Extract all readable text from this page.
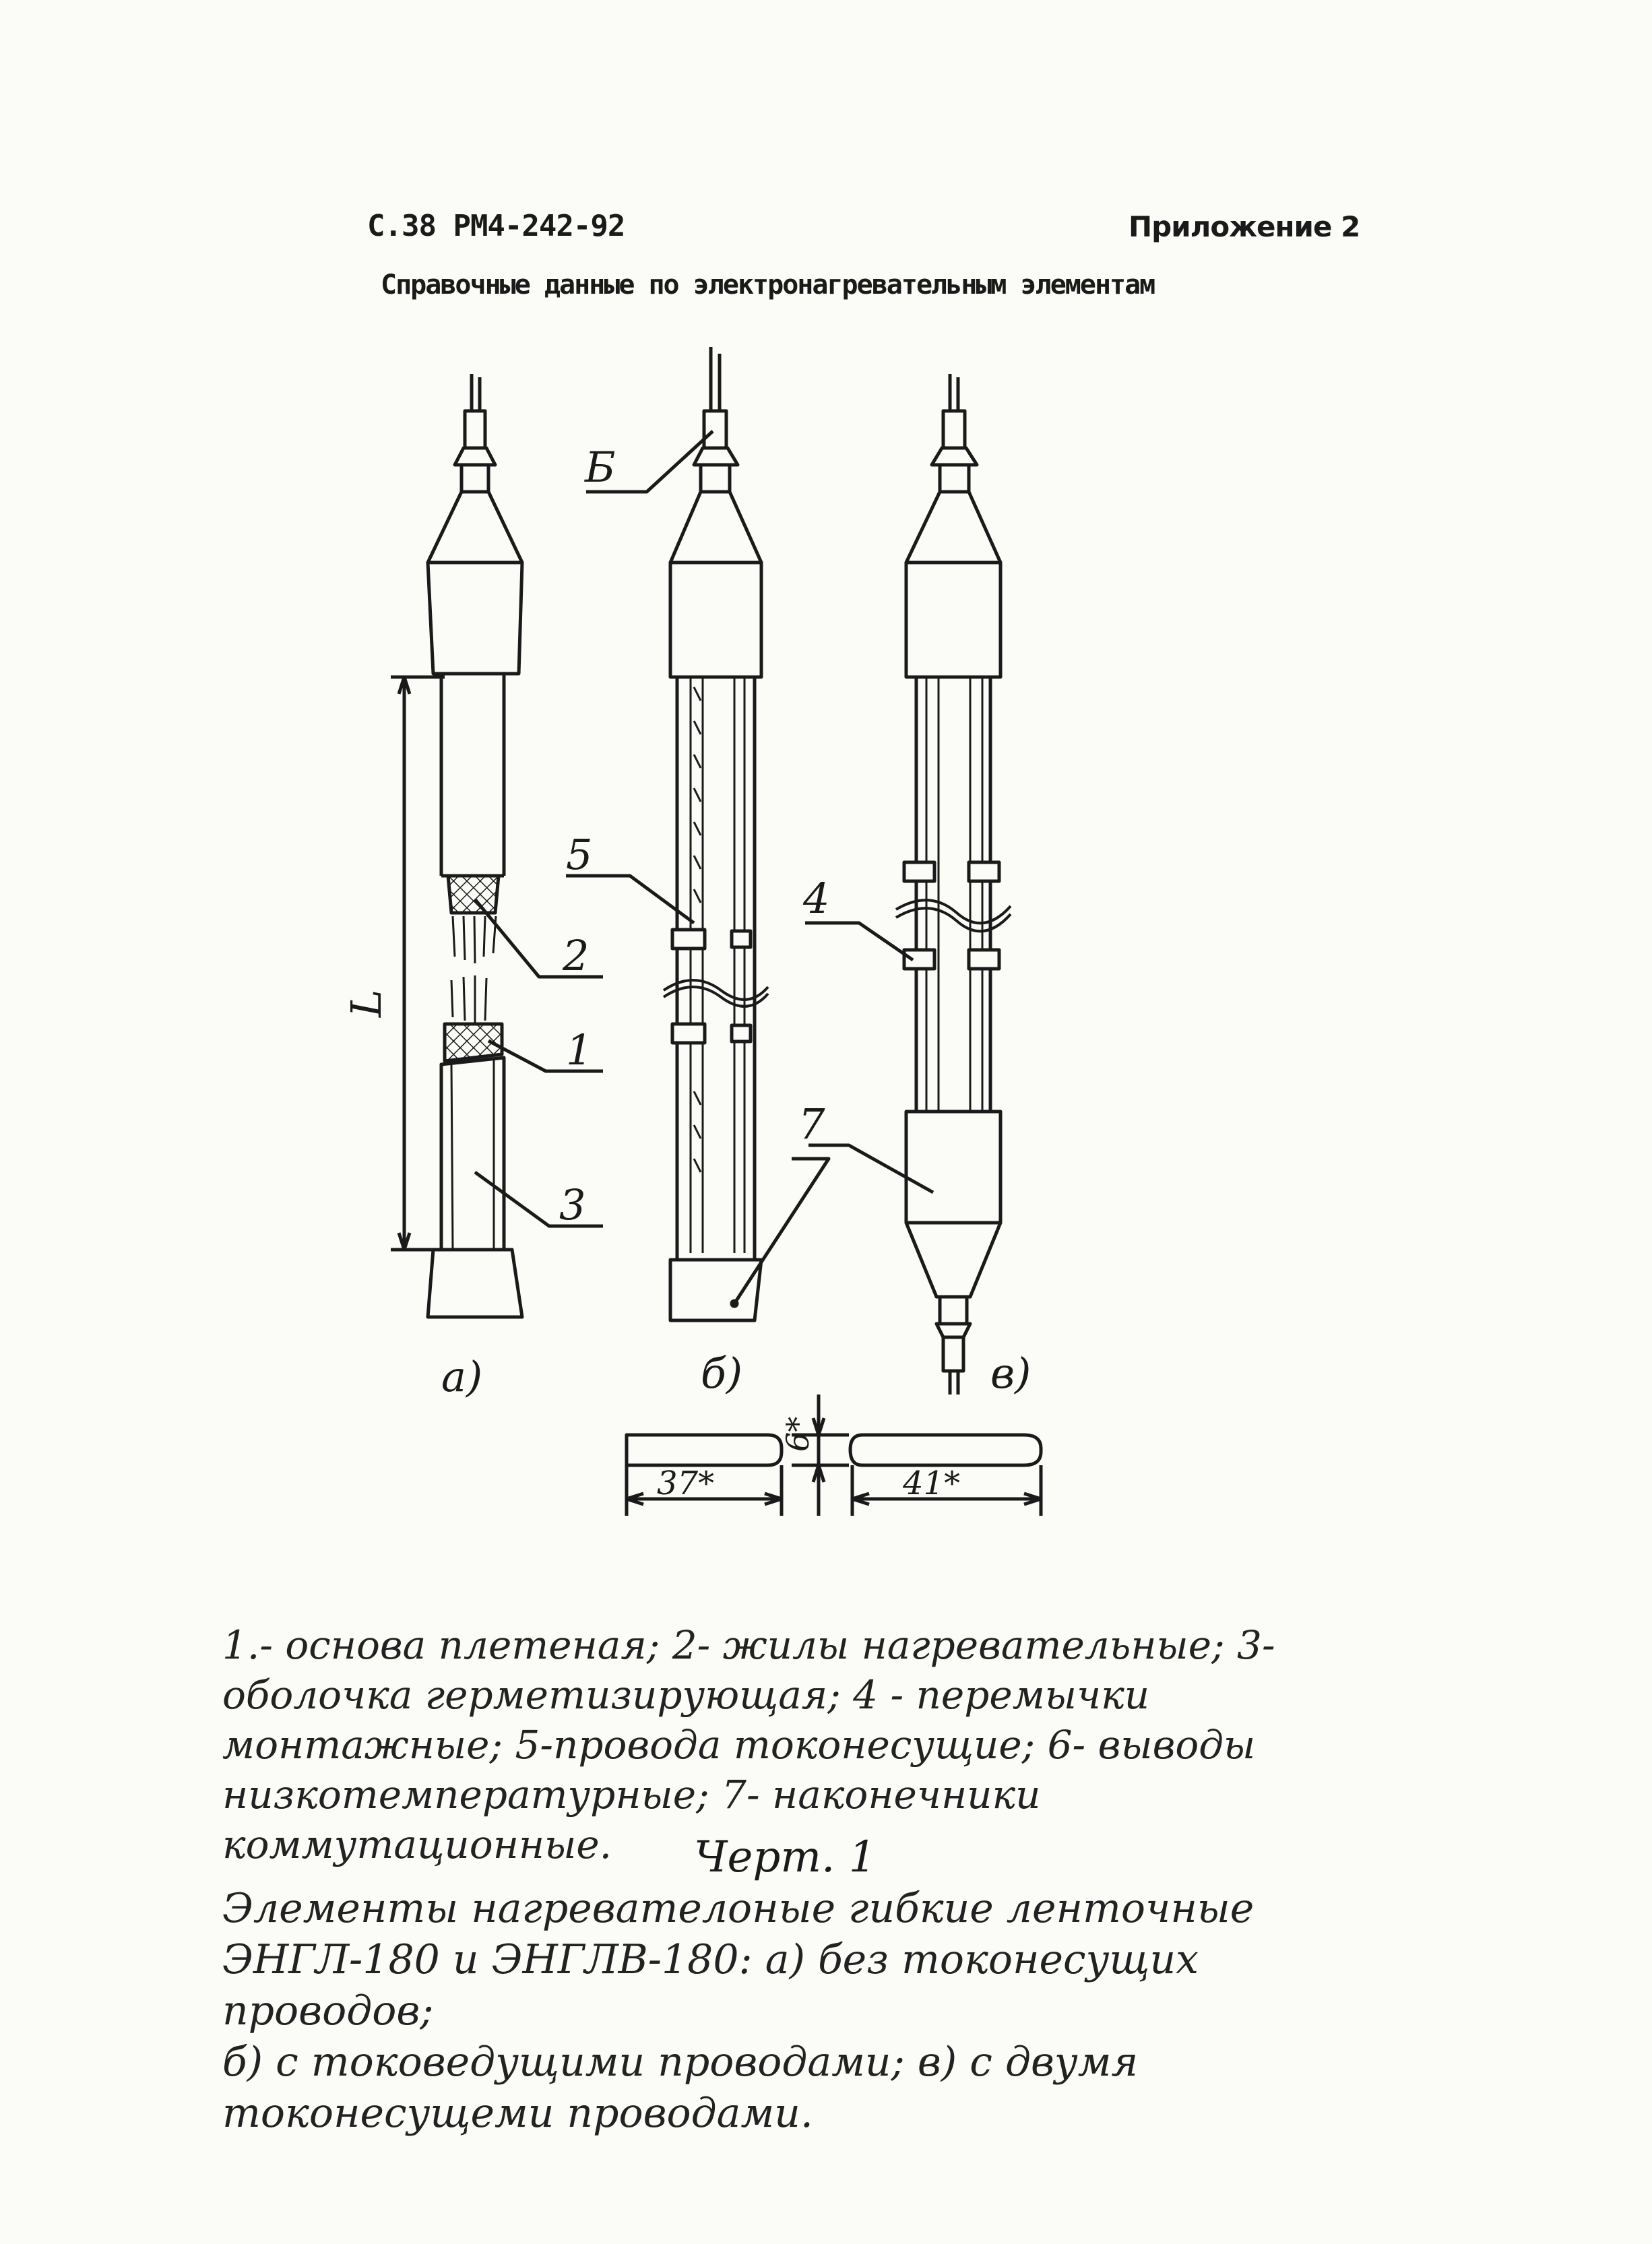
С.38 РМ4-242-92	Приложение 2
Справочные данные по электронагревательным элементам
Б
5
4
2
1
3
7
L
а)	б)	в)
37*	41*
6*
1.- основа плетеная; 2- жилы нагревательные; 3- оболочка герметизирующая; 4 - перемычки монтажные; 5-провода токонесущие; 6- выводы низкотемпературные; 7- наконечники коммутационные.	Черт. 1
Элементы нагревателоные гибкие ленточные
ЭНГЛ-180 и ЭНГЛВ-180: а) без токонесущих проводов;
б) с токоведущими проводами; в) с двумя токонесущеми проводами.
